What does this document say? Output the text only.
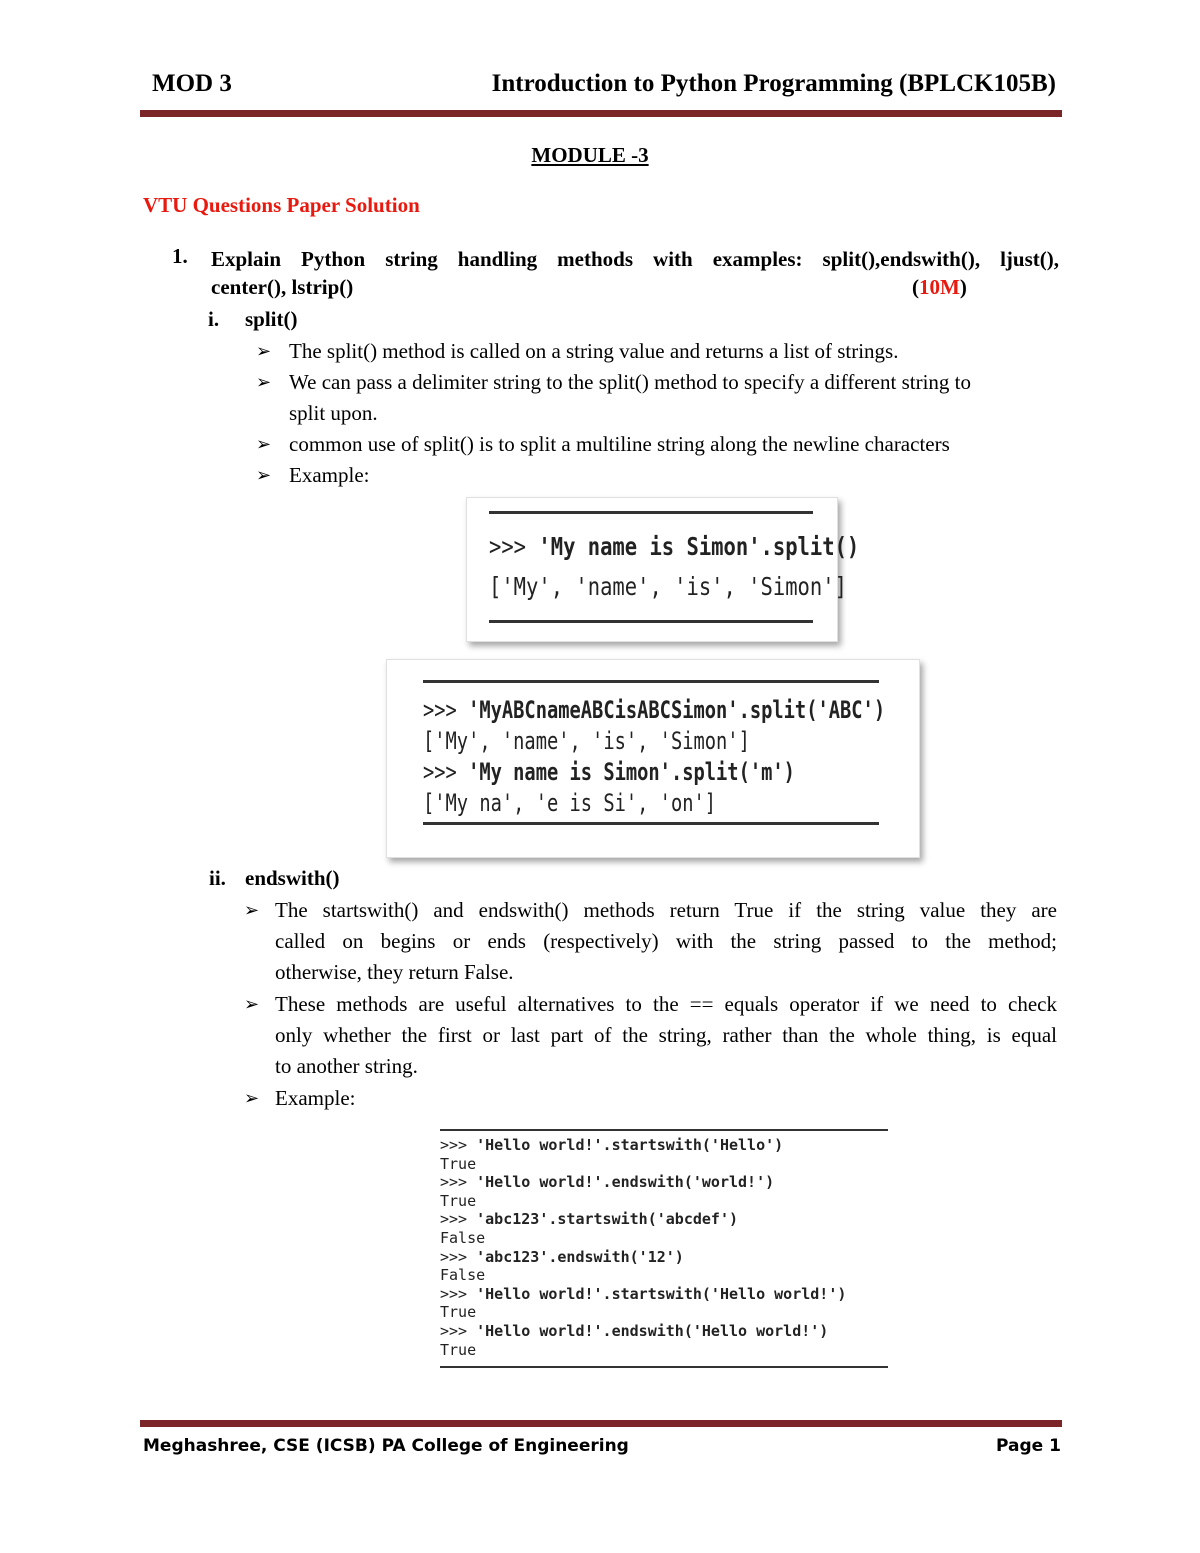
MOD 3	Introduction to Python Programming (BPLCK105B)
MODULE -3
VTU Questions Paper Solution
1. Explain Python string handling methods with examples: split(),endswith(), ljust(),
center(), lstrip()	(10M)
i. split()
➢ The split() method is called on a string value and returns a list of strings.
➢ We can pass a delimiter string to the split() method to specify a different string to
split upon.
➢ common use of split() is to split a multiline string along the newline characters
➢ Example:
>>> 'My name is Simon'.split()
['My', 'name', 'is', 'Simon']
>>> 'MyABCnameABCisABCSimon'.split('ABC')
['My', 'name', 'is', 'Simon']
>>> 'My name is Simon'.split('m')
['My na', 'e is Si', 'on']
ii. endswith()
➢ The startswith() and endswith() methods return True if the string value they are
called on begins or ends (respectively) with the string passed to the method;
otherwise, they return False.
➢ These methods are useful alternatives to the == equals operator if we need to check
only whether the first or last part of the string, rather than the whole thing, is equal
to another string.
➢ Example:
>>> 'Hello world!'.startswith('Hello')
True
>>> 'Hello world!'.endswith('world!')
True
>>> 'abc123'.startswith('abcdef')
False
>>> 'abc123'.endswith('12')
False
>>> 'Hello world!'.startswith('Hello world!')
True
>>> 'Hello world!'.endswith('Hello world!')
True
Meghashree, CSE (ICSB) PA College of Engineering	Page 1
